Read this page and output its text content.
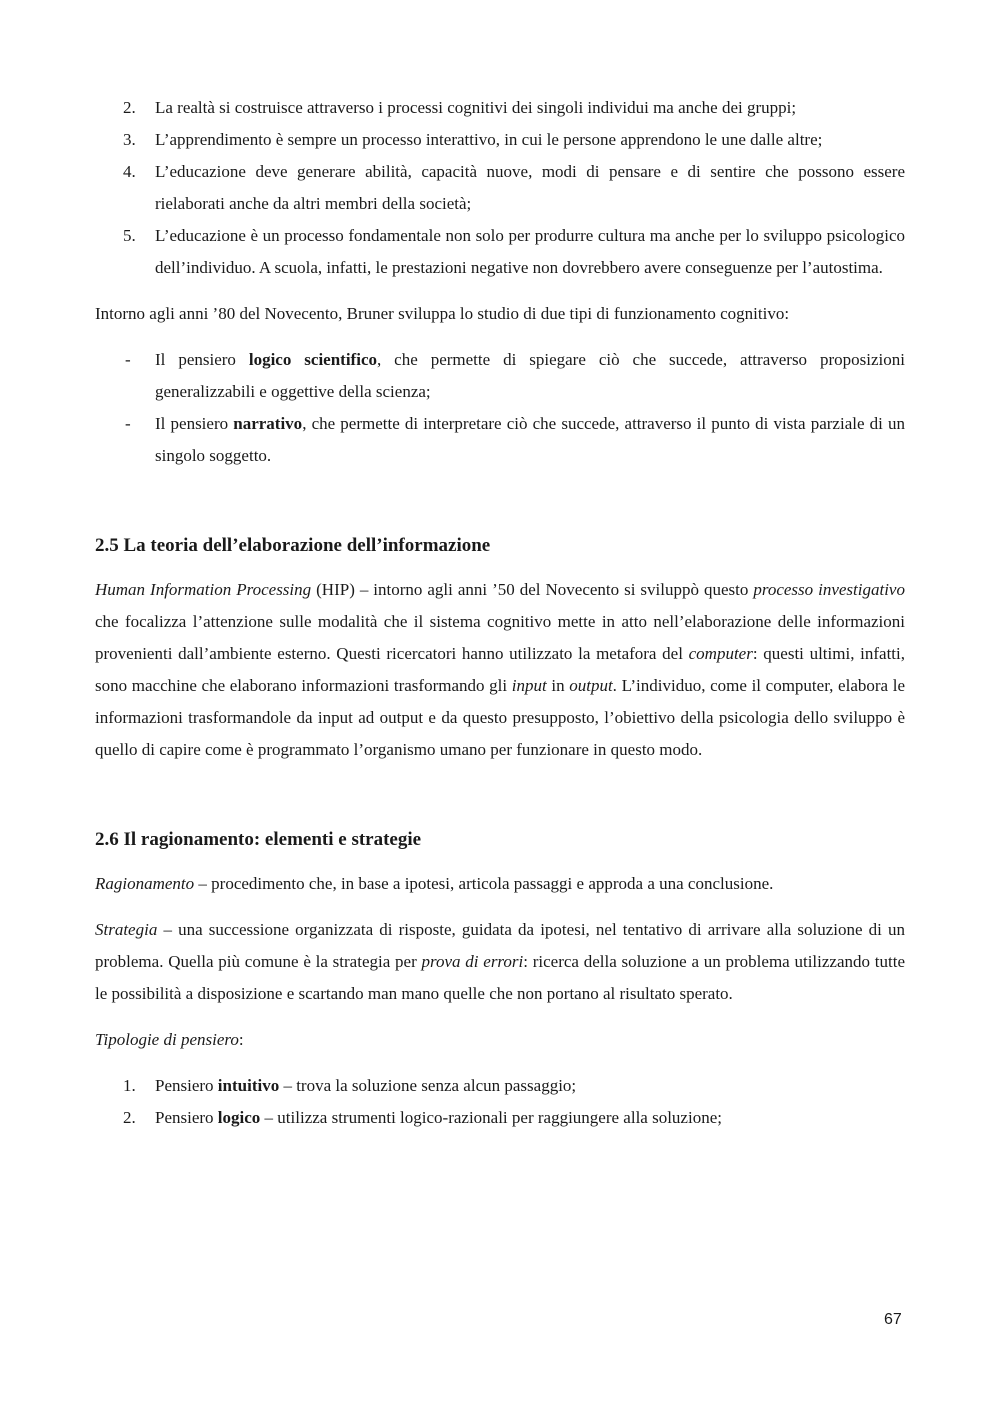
2. La realtà si costruisce attraverso i processi cognitivi dei singoli individui ma anche dei gruppi;
3. L’apprendimento è sempre un processo interattivo, in cui le persone apprendono le une dalle altre;
4. L’educazione deve generare abilità, capacità nuove, modi di pensare e di sentire che possono essere rielaborati anche da altri membri della società;
5. L’educazione è un processo fondamentale non solo per produrre cultura ma anche per lo sviluppo psicologico dell’individuo. A scuola, infatti, le prestazioni negative non dovrebbero avere conseguenze per l’autostima.

Intorno agli anni ’80 del Novecento, Bruner sviluppa lo studio di due tipi di funzionamento cognitivo:

- Il pensiero logico scientifico, che permette di spiegare ciò che succede, attraverso proposizioni generalizzabili e oggettive della scienza;
- Il pensiero narrativo, che permette di interpretare ciò che succede, attraverso il punto di vista parziale di un singolo soggetto.
2.5 La teoria dell’elaborazione dell’informazione

Human Information Processing (HIP) – intorno agli anni ’50 del Novecento si sviluppò questo processo investigativo che focalizza l’attenzione sulle modalità che il sistema cognitivo mette in atto nell’elaborazione delle informazioni provenienti dall’ambiente esterno. Questi ricercatori hanno utilizzato la metafora del computer: questi ultimi, infatti, sono macchine che elaborano informazioni trasformando gli input in output. L’individuo, come il computer, elabora le informazioni trasformandole da input ad output e da questo presupposto, l’obiettivo della psicologia dello sviluppo è quello di capire come è programmato l’organismo umano per funzionare in questo modo.

2.6 Il ragionamento: elementi e strategie

Ragionamento – procedimento che, in base a ipotesi, articola passaggi e approda a una conclusione.

Strategia – una successione organizzata di risposte, guidata da ipotesi, nel tentativo di arrivare alla soluzione di un problema. Quella più comune è la strategia per prova di errori: ricerca della soluzione a un problema utilizzando tutte le possibilità a disposizione e scartando man mano quelle che non portano al risultato sperato.

Tipologie di pensiero:

1. Pensiero intuitivo – trova la soluzione senza alcun passaggio;
2. Pensiero logico – utilizza strumenti logico-razionali per raggiungere alla soluzione;
67
